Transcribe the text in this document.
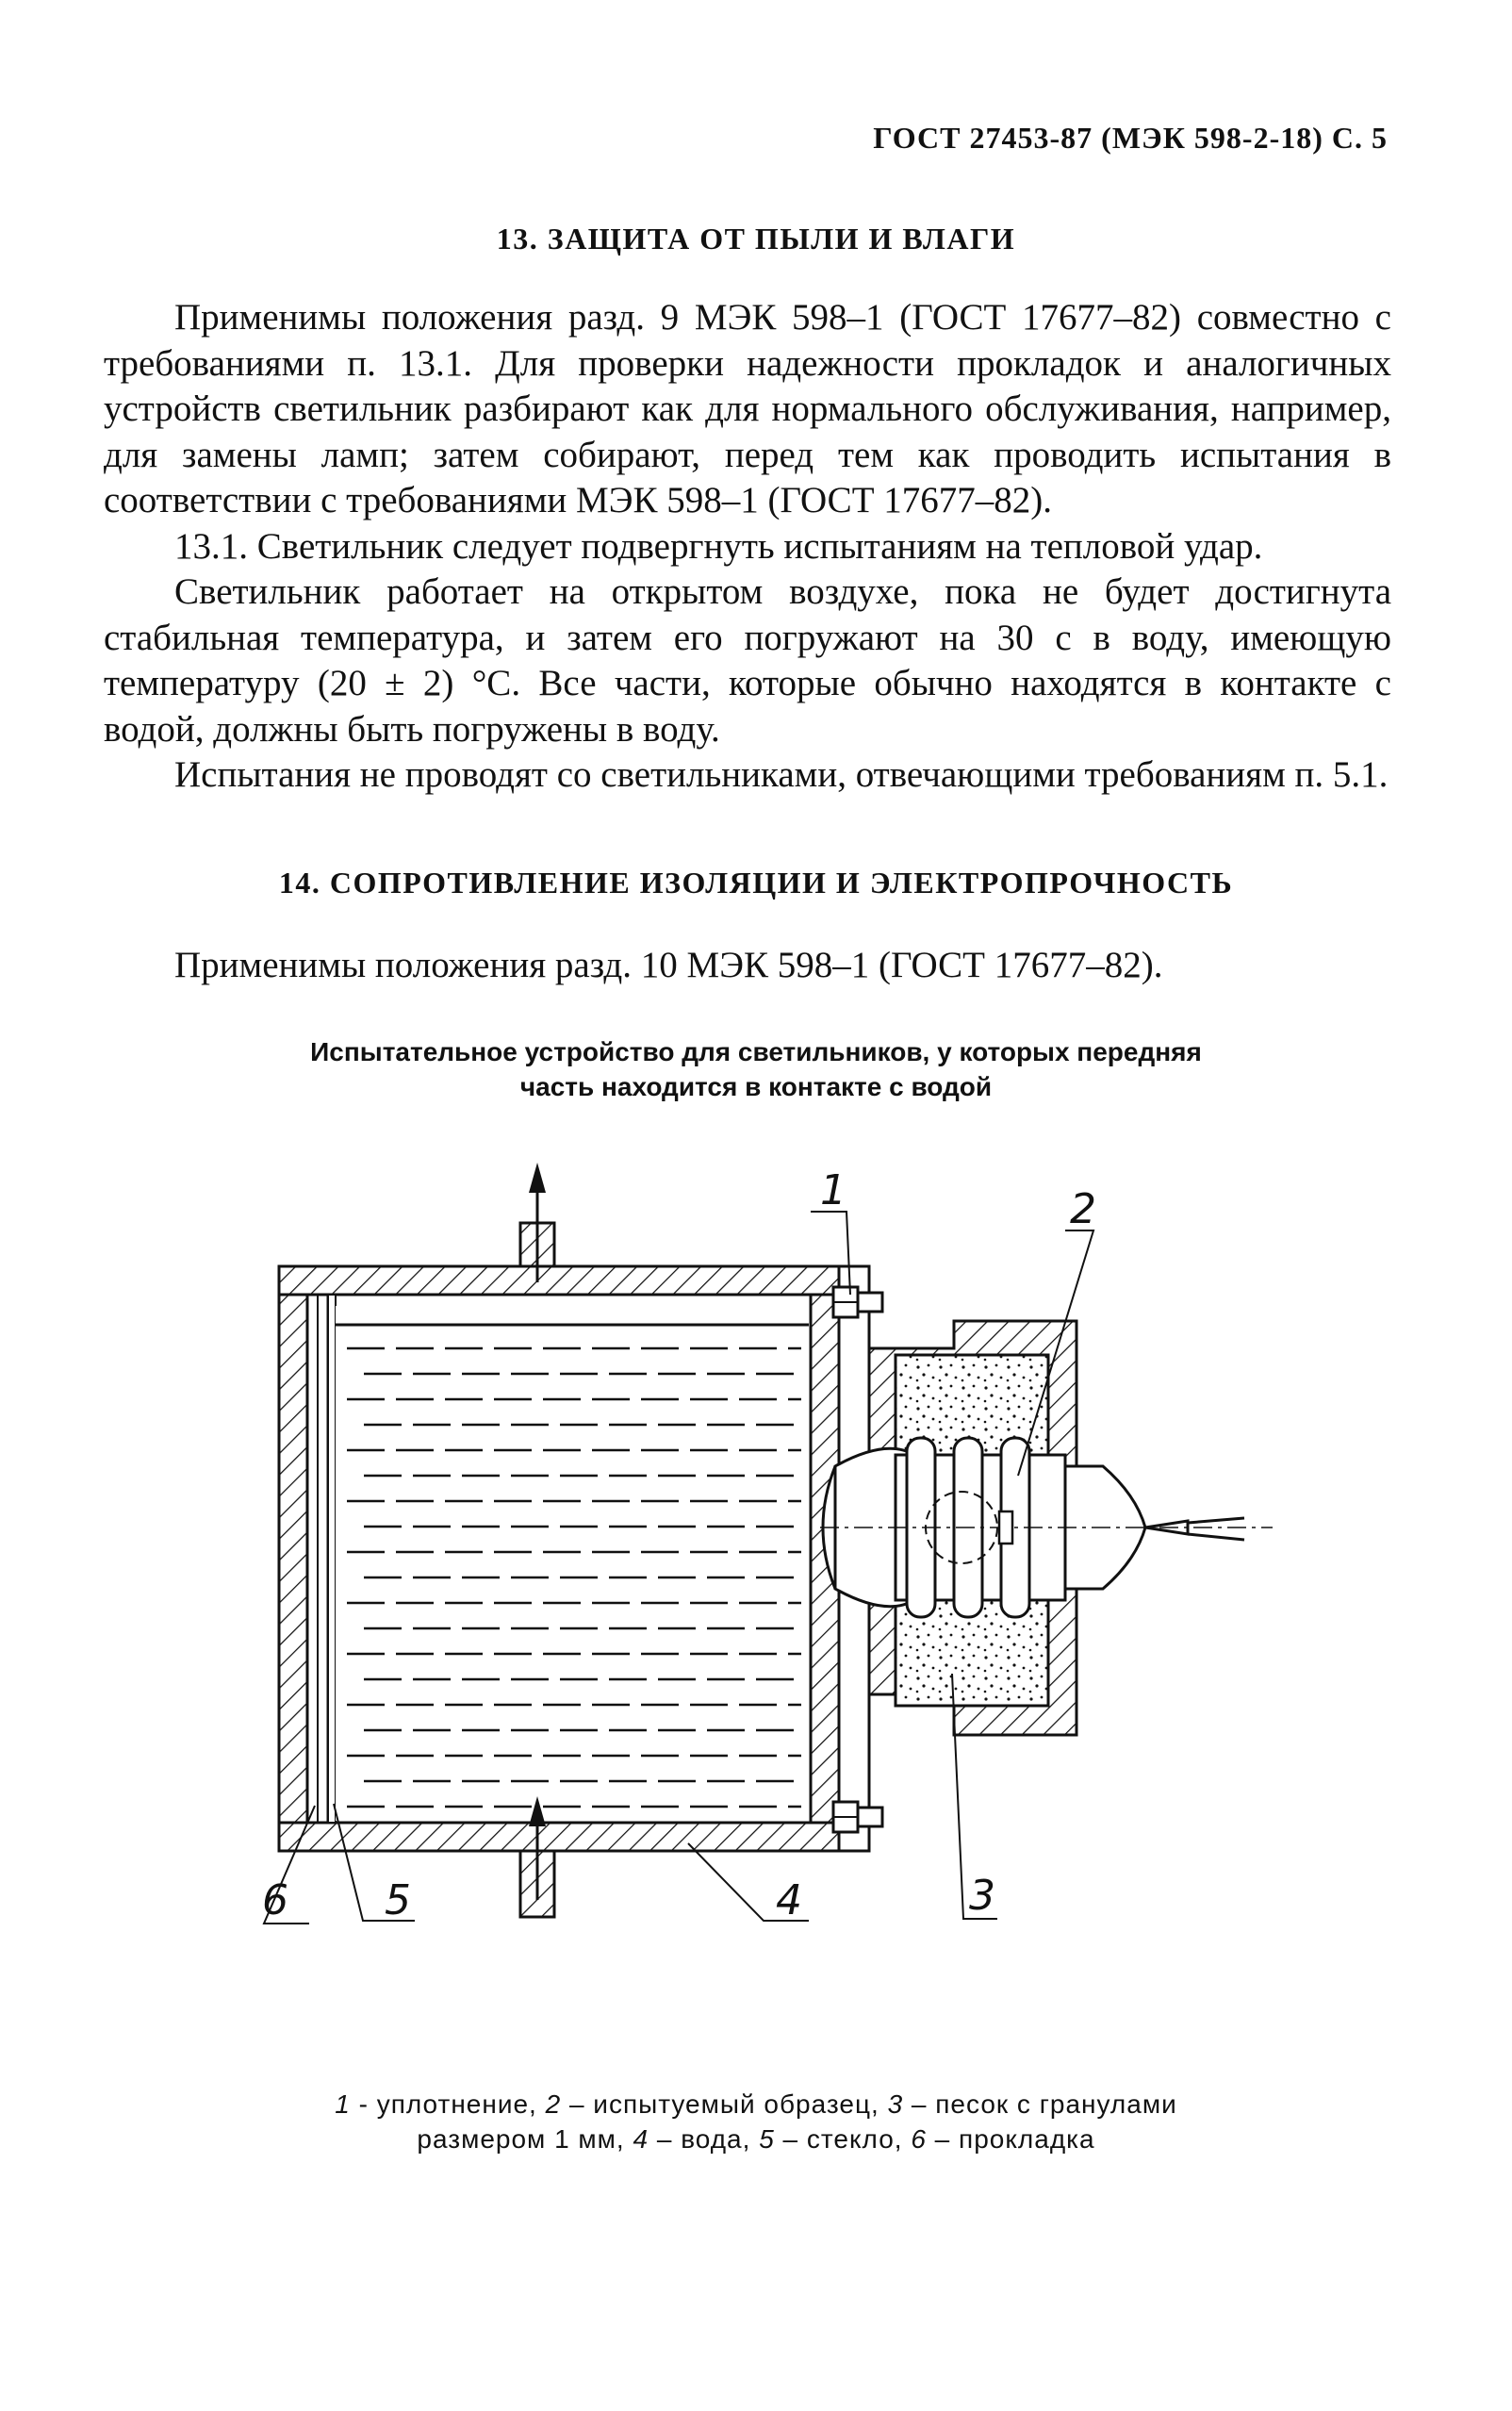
ГОСТ 27453-87 (МЭК 598-2-18) С. 5
13. ЗАЩИТА ОТ ПЫЛИ И ВЛАГИ

Применимы положения разд. 9 МЭК 598–1 (ГОСТ 17677–82) совместно с требованиями п. 13.1. Для проверки надежности прокладок и аналогичных устройств светильник разбирают как для нормального обслуживания, например, для замены ламп; затем собирают, перед тем как проводить испытания в соответствии с требованиями МЭК 598–1 (ГОСТ 17677–82).

13.1. Светильник следует подвергнуть испытаниям на тепловой удар.

Светильник работает на открытом воздухе, пока не будет достигнута стабильная температура, и затем его погружают на 30 с в воду, имеющую температуру (20 ± 2) °С. Все части, которые обычно находятся в контакте с водой, должны быть погружены в воду.

Испытания не проводят со светильниками, отвечающими требованиям п. 5.1.

14. СОПРОТИВЛЕНИЕ ИЗОЛЯЦИИ И ЭЛЕКТРОПРОЧНОСТЬ

Применимы положения разд. 10 МЭК 598–1 (ГОСТ 17677–82).

Испытательное устройство для светильников, у которых передняя
часть находится в контакте с водой
1	2
3
4
5
6
1 - уплотнение, 2 – испытуемый образец, 3 – песок с гранулами
размером 1 мм, 4 – вода, 5 – стекло, 6 – прокладка
